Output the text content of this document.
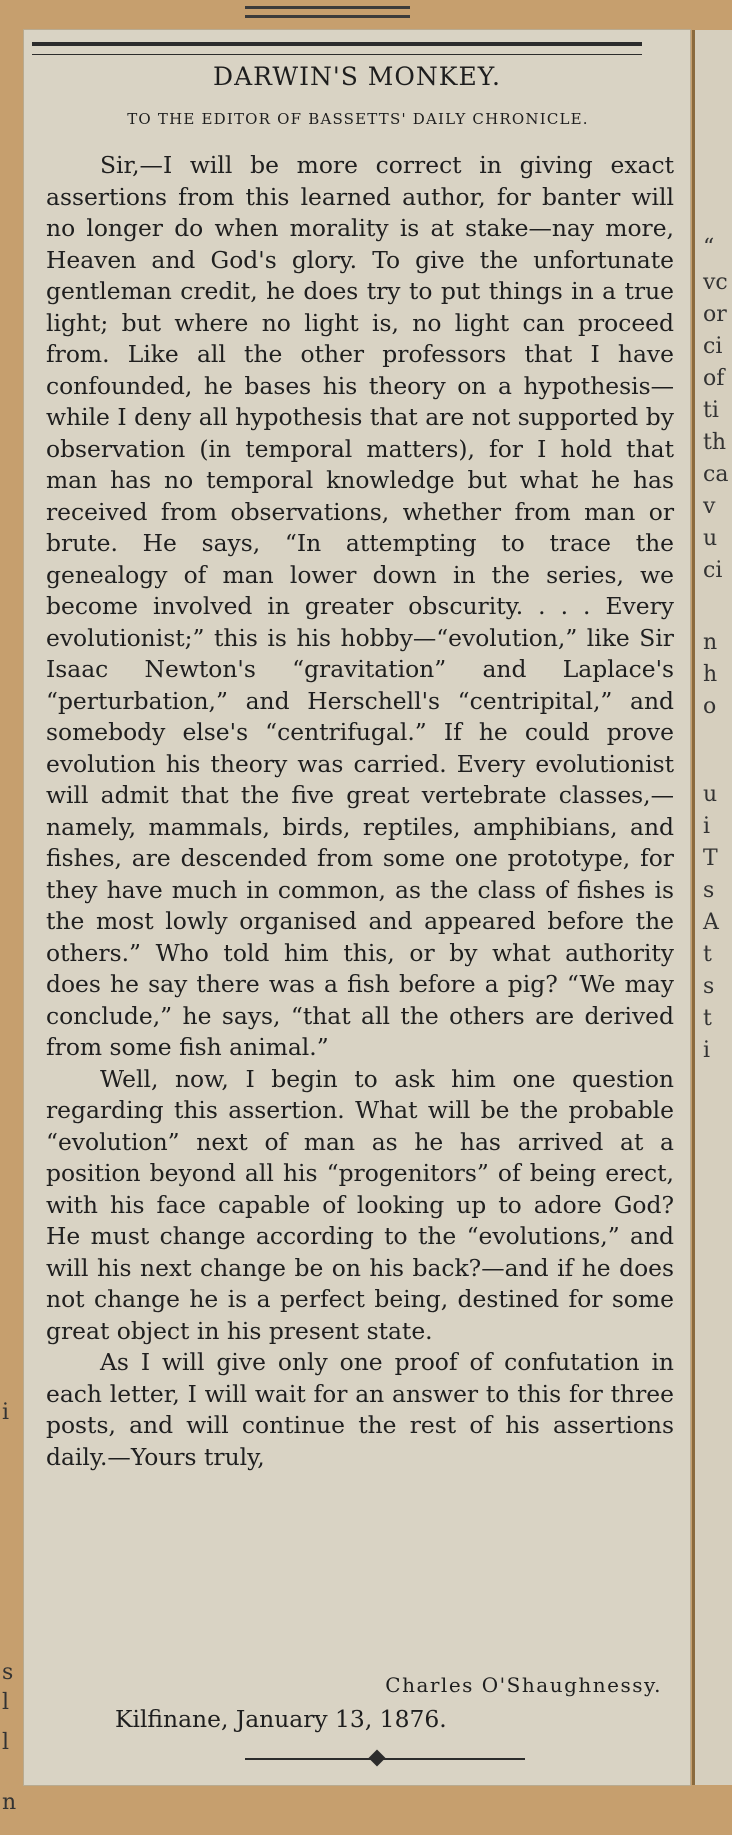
“
vc
or
ci
of
ti
th
ca
v
u
ci
n
h
o
u
i
T
s
A
t
s
t
i
i
s
l
l
n
DARWIN'S MONKEY.
TO THE EDITOR OF BASSETTS' DAILY CHRONICLE.

Sir,—I will be more correct in giving exact assertions from this learned author, for banter will no longer do when morality is at stake—nay more, Heaven and God's glory. To give the unfortunate gentleman credit, he does try to put things in a true light; but where no light is, no light can proceed from. Like all the other professors that I have confounded, he bases his theory on a hypothesis—while I deny all hypothesis that are not supported by observation (in temporal matters), for I hold that man has no temporal knowledge but what he has received from observations, whether from man or brute. He says, “In attempting to trace the genealogy of man lower down in the series, we become involved in greater obscurity. . . . Every evolutionist;” this is his hobby—“evolution,” like Sir Isaac Newton's “gravitation” and Laplace's “perturbation,” and Herschell's “centripital,” and somebody else's “centrifugal.” If he could prove evolution his theory was carried. Every evolutionist will admit that the five great vertebrate classes,—namely, mammals, birds, reptiles, amphibians, and fishes, are descended from some one prototype, for they have much in common, as the class of fishes is the most lowly organised and appeared before the others.” Who told him this, or by what authority does he say there was a fish before a pig? “We may conclude,” he says, “that all the others are derived from some fish animal.”

Well, now, I begin to ask him one question regarding this assertion. What will be the probable “evolution” next of man as he has arrived at a position beyond all his “progenitors” of being erect, with his face capable of looking up to adore God? He must change according to the “evolutions,” and will his next change be on his back?—and if he does not change he is a perfect being, destined for some great object in his present state.

As I will give only one proof of confutation in each letter, I will wait for an answer to this for three posts, and will continue the rest of his assertions daily.—Yours truly,

Charles O'Shaughnessy.
Kilfinane, January 13, 1876.
